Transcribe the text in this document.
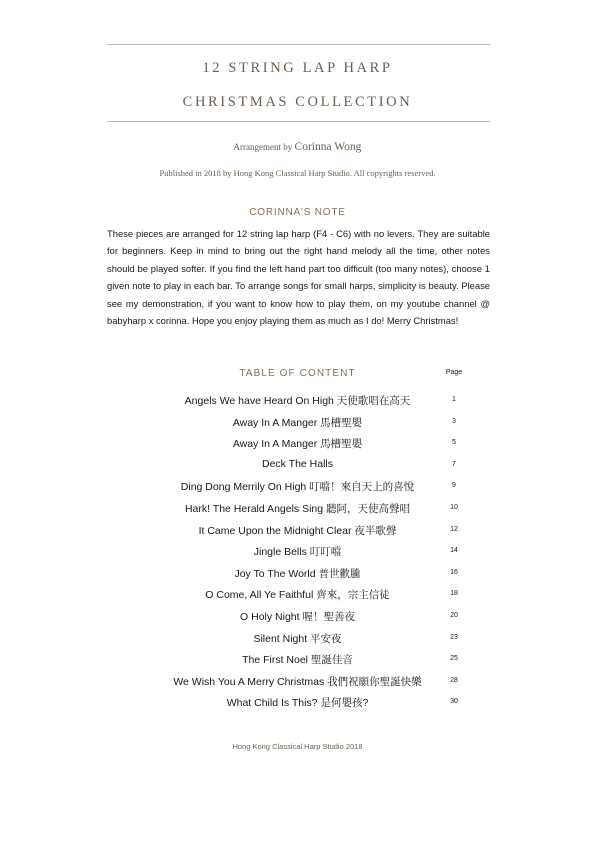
12 STRING LAP HARP
CHRISTMAS COLLECTION
Arrangement by Corinna Wong
Published in 2018 by Hong Kong Classical Harp Studio. All copyrights reserved.
CORINNA'S NOTE
These pieces are arranged for 12 string lap harp (F4 - C6) with no levers. They are suitable for beginners. Keep in mind to bring out the right hand melody all the time, other notes should be played softer. If you find the left hand part too difficult (too many notes), choose 1 given note to play in each bar. To arrange songs for small harps, simplicity is beauty. Please see my demonstration, if you want to know how to play them, on my youtube channel @ babyharp x corinna. Hope you enjoy playing them as much as I do! Merry Christmas!
TABLE OF CONTENT	Page
Angels We have Heard On High 天使歌唱在高天	1
Away In A Manger 馬槽聖嬰	3
Away In A Manger 馬槽聖嬰	5
Deck The Halls	7
Ding Dong Merrily On High 叮噹！來自天上的喜悅	9
Hark! The Herald Angels Sing 聽阿，天使高聲唱	10
It Came Upon the Midnight Clear 夜半歌聲	12
Jingle Bells 叮叮噹	14
Joy To The World 普世歡騰	16
O Come, All Ye Faithful 齊來，宗主信徒	18
O Holy Night 喔！聖善夜	20
Silent Night 平安夜	23
The First Noel 聖誕佳音	25
We Wish You A Merry Christmas 我們祝願你聖誕快樂	28
What Child Is This? 是何嬰孩?	30
Hong Kong Classical Harp Studio 2018
